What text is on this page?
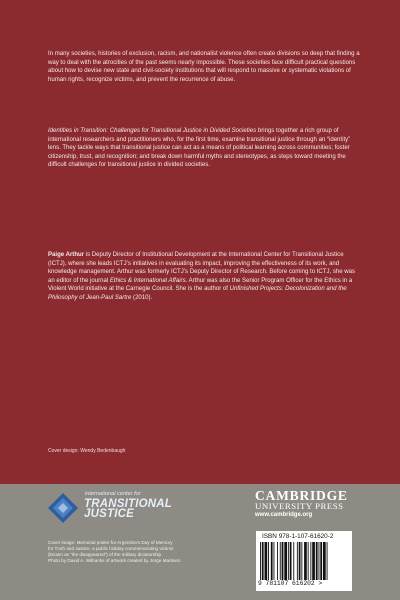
In many societies, histories of exclusion, racism, and nationalist violence often create divisions so deep that finding a way to deal with the atrocities of the past seems nearly impossible. These societies face difficult practical questions about how to devise new state and civil-society institutions that will respond to massive or systematic violations of human rights, recognize victims, and prevent the recurrence of abuse.

Identities in Transition: Challenges for Transitional Justice in Divided Societies brings together a rich group of international researchers and practitioners who, for the first time, examine transitional justice through an “identity” lens. They tackle ways that transitional justice can act as a means of political learning across communities; foster citizenship, trust, and recognition; and break down harmful myths and stereotypes, as steps toward meeting the difficult challenges for transitional justice in divided societies.

Paige Arthur is Deputy Director of Institutional Development at the International Center for Transitional Justice (ICTJ), where she leads ICTJ’s initiatives in evaluating its impact, improving the effectiveness of its work, and knowledge management. Arthur was formerly ICTJ’s Deputy Director of Research. Before coming to ICTJ, she was an editor of the journal Ethics & International Affairs. Arthur was also the Senior Program Officer for the Ethics in a Violent World initiative at the Carnegie Council. She is the author of Unfinished Projects: Decolonization and the Philosophy of Jean-Paul Sartre (2010).

Cover design: Wendy Bedenbaugh
international center for
TRANSITIONAL
JUSTICE

Cover image: Memorial poster for Argentina’s Day of Memory

for Truth and Justice, a public holiday commemorating victims

(known as “the disappeared”) of the military dictatorship.

Photo by David A. Wilbanks of artwork created by Jorge Martinez.

CAMBRIDGE
UNIVERSITY PRESS
www.cambridge.org
ISBN 978-1-107-61620-2
9 781107 616202 >
